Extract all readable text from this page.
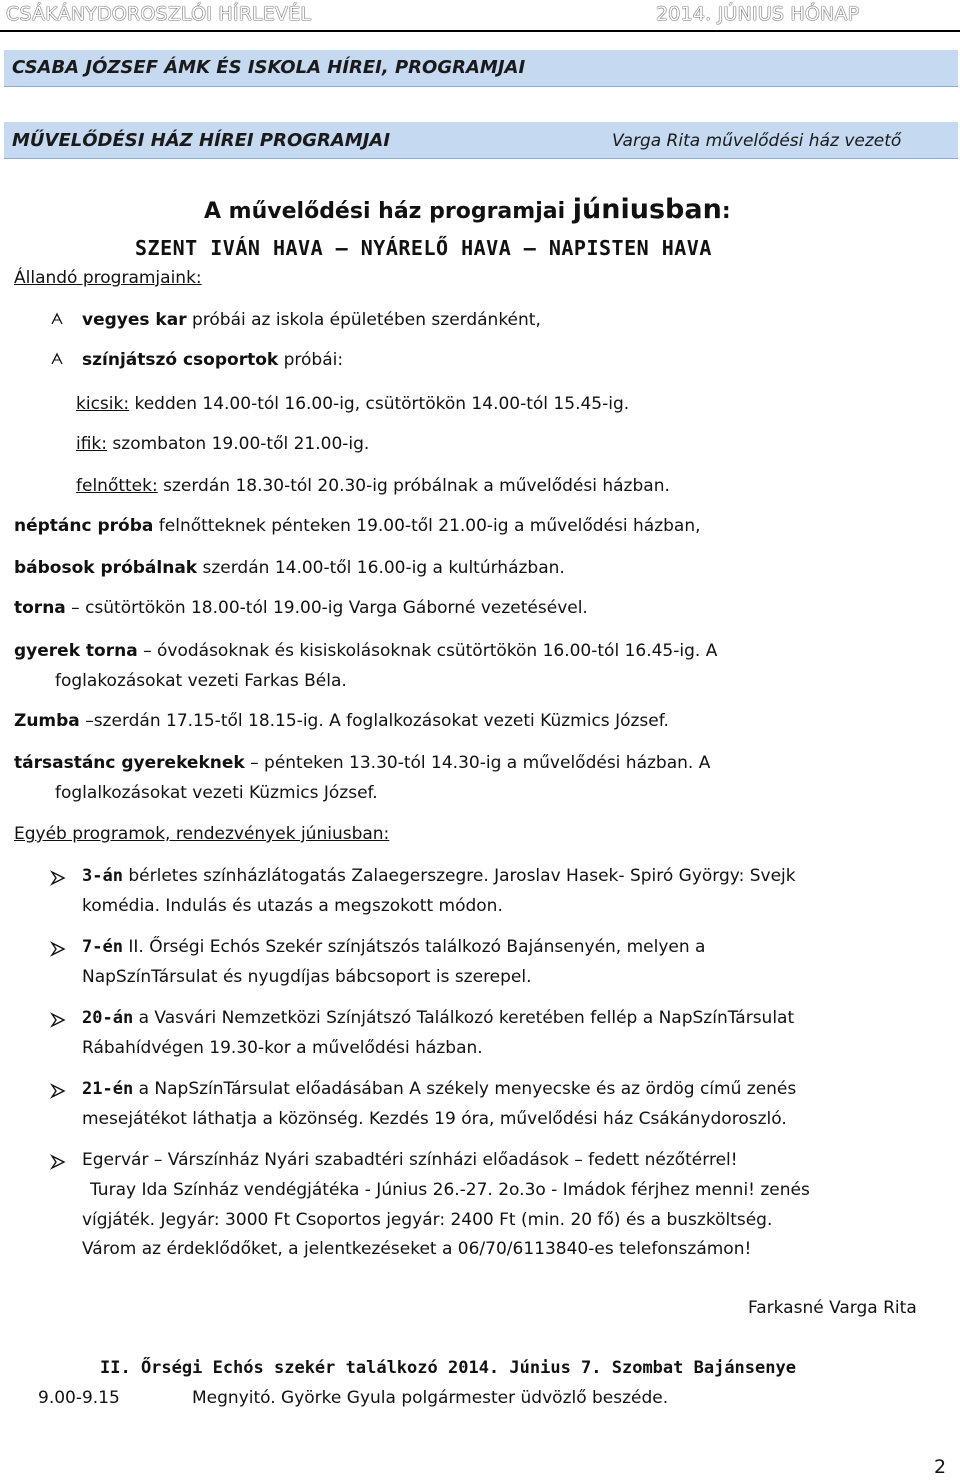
CSÁKÁNYDOROSZLÓI HÍRLEVÉL	2014. JÚNIUS HÓNAP
CSABA JÓZSEF ÁMK ÉS ISKOLA HÍREI, PROGRAMJAI
MŰVELŐDÉSI HÁZ HÍREI PROGRAMJAI	Varga Rita művelődési ház vezető
A művelődési ház programjai júniusban:
SZENT IVÁN HAVA – NYÁRELŐ HAVA – NAPISTEN HAVA
Állandó programjaink:
vegyes kar próbái az iskola épületében szerdánként,
színjátszó csoportok próbái:
kicsik: kedden 14.00-tól 16.00-ig, csütörtökön 14.00-tól 15.45-ig.
ifik: szombaton 19.00-től 21.00-ig.
felnőttek: szerdán 18.30-tól 20.30-ig próbálnak a művelődési házban.
néptánc próba felnőtteknek pénteken 19.00-től 21.00-ig a művelődési házban,
bábosok próbálnak szerdán 14.00-től 16.00-ig a kultúrházban.
torna – csütörtökön 18.00-tól 19.00-ig Varga Gáborné vezetésével.
gyerek torna – óvodásoknak és kisiskolásoknak csütörtökön 16.00-tól 16.45-ig. A
foglakozásokat vezeti Farkas Béla.
Zumba –szerdán 17.15-től 18.15-ig. A foglalkozásokat vezeti Küzmics József.
társastánc gyerekeknek – pénteken 13.30-tól 14.30-ig a művelődési házban. A
foglalkozásokat vezeti Küzmics József.
Egyéb programok, rendezvények júniusban:
3-án bérletes színházlátogatás Zalaegerszegre. Jaroslav Hasek- Spiró György: Svejk
komédia. Indulás és utazás a megszokott módon.
7-én II. Őrségi Echós Szekér színjátszós találkozó Bajánsenyén, melyen a
NapSzínTársulat és nyugdíjas bábcsoport is szerepel.
20-án a Vasvári Nemzetközi Színjátszó Találkozó keretében fellép a NapSzínTársulat
Rábahídvégen 19.30-kor a művelődési házban.
21-én a NapSzínTársulat előadásában A székely menyecske és az ördög című zenés
mesejátékot láthatja a közönség. Kezdés 19 óra, művelődési ház Csákánydoroszló.
Egervár – Várszínház Nyári szabadtéri színházi előadások – fedett nézőtérrel!
Turay Ida Színház vendégjátéka - Június 26.-27. 2o.3o - Imádok férjhez menni! zenés
vígjáték. Jegyár: 3000 Ft Csoportos jegyár: 2400 Ft (min. 20 fő) és a buszköltség.
Várom az érdeklődőket, a jelentkezéseket a 06/70/6113840-es telefonszámon!
Farkasné Varga Rita
II. Őrségi Echós szekér találkozó 2014. Június 7. Szombat Bajánsenye
9.00-9.15	Megnyitó. Györke Gyula polgármester üdvözlő beszéde.
2
